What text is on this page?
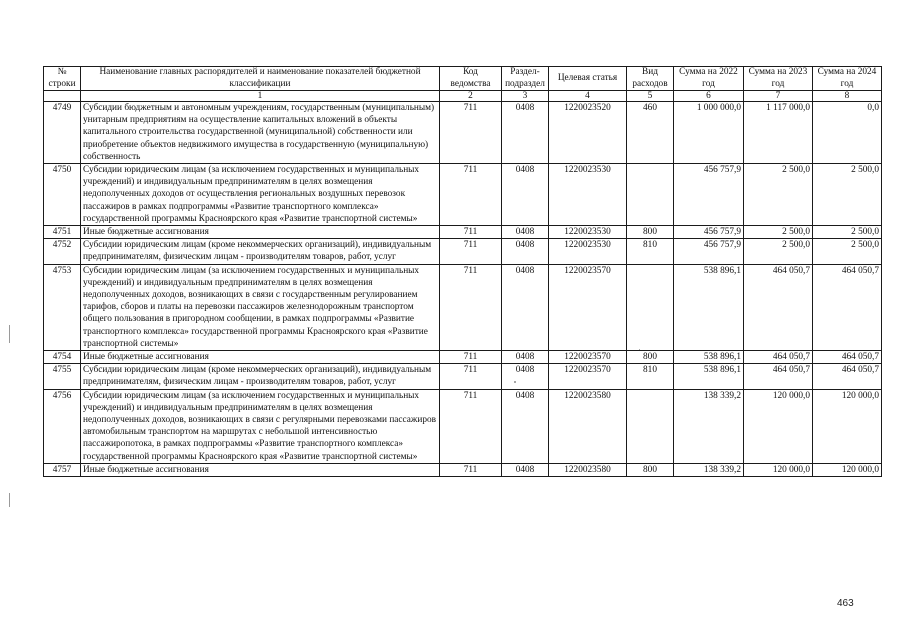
№ строки	Наименование главных распорядителей и наименование показателей бюджетной классификации	Код ведомства	Раздел-подраздел	Целевая статья	Вид расходов	Сумма на 2022 год	Сумма на 2023 год	Сумма на 2024 год
	1	2	3	4	5	6	7	8
4749	Субсидии бюджетным и автономным учреждениям, государственным (муниципальным) унитарным предприятиям на осуществление капитальных вложений в объекты капитального строительства государственной (муниципальной) собственности или приобретение объектов недвижимого имущества в государственную (муниципальную) собственность	711	0408	1220023520	460	1 000 000,0	1 117 000,0	0,0
4750	Субсидии юридическим лицам (за исключением государственных и муниципальных учреждений) и индивидуальным предпринимателям в целях возмещения недополученных доходов от осуществления региональных воздушных перевозок пассажиров в рамках подпрограммы «Развитие транспортного комплекса» государственной программы Красноярского края «Развитие транспортной системы»	711	0408	1220023530		456 757,9	2 500,0	2 500,0
4751	Иные бюджетные ассигнования	711	0408	1220023530	800	456 757,9	2 500,0	2 500,0
4752	Субсидии юридическим лицам (кроме некоммерческих организаций), индивидуальным предпринимателям, физическим лицам - производителям товаров, работ, услуг	711	0408	1220023530	810	456 757,9	2 500,0	2 500,0
4753	Субсидии юридическим лицам (за исключением государственных и муниципальных учреждений) и индивидуальным предпринимателям в целях возмещения недополученных доходов, возникающих в связи с государственным регулированием тарифов, сборов и платы на перевозки пассажиров железнодорожным транспортом общего пользования в пригородном сообщении, в рамках подпрограммы «Развитие транспортного комплекса» государственной программы Красноярского края «Развитие транспортной системы»	711	0408	1220023570		538 896,1	464 050,7	464 050,7
4754	Иные бюджетные ассигнования	711	0408	1220023570	800	538 896,1	464 050,7	464 050,7
4755	Субсидии юридическим лицам (кроме некоммерческих организаций), индивидуальным предпринимателям, физическим лицам - производителям товаров, работ, услуг	711	0408	1220023570	810	538 896,1	464 050,7	464 050,7
4756	Субсидии юридическим лицам (за исключением государственных и муниципальных учреждений) и индивидуальным предпринимателям в целях возмещения недополученных доходов, возникающих в связи с регулярными перевозками пассажиров автомобильным транспортом на маршрутах с небольшой интенсивностью пассажиропотока, в рамках подпрограммы «Развитие транспортного комплекса» государственной программы Красноярского края «Развитие транспортной системы»	711	0408	1220023580		138 339,2	120 000,0	120 000,0
4757	Иные бюджетные ассигнования	711	0408	1220023580	800	138 339,2	120 000,0	120 000,0
463
